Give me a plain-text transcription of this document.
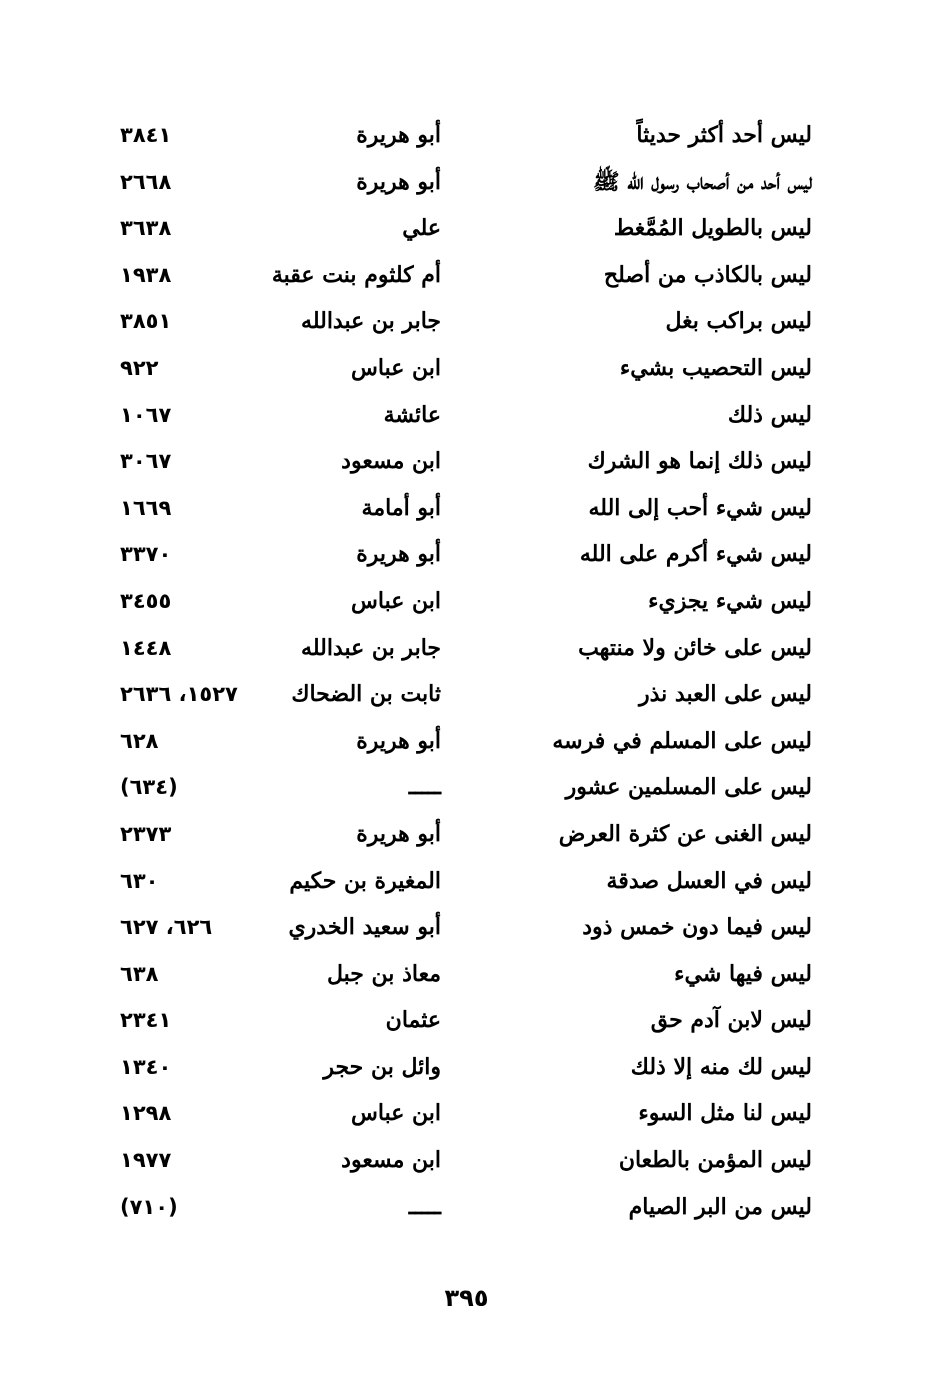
ليس أحد أكثر حديثاً
أبو هريرة
٣٨٤١
ليس أحد من أصحاب رسول الله ﷺ
أبو هريرة
٢٦٦٨
ليس بالطويل المُمَّغط
علي
٣٦٣٨
ليس بالكاذب من أصلح
أم كلثوم بنت عقبة
١٩٣٨
ليس براكب بغل
جابر بن عبدالله
٣٨٥١
ليس التحصيب بشيء
ابن عباس
٩٢٢
ليس ذلك
عائشة
١٠٦٧
ليس ذلك إنما هو الشرك
ابن مسعود
٣٠٦٧
ليس شيء أحب إلى الله
أبو أمامة
١٦٦٩
ليس شيء أكرم على الله
أبو هريرة
٣٣٧٠
ليس شيء يجزيء
ابن عباس
٣٤٥٥
ليس على خائن ولا منتهب
جابر بن عبدالله
١٤٤٨
ليس على العبد نذر
ثابت بن الضحاك
١٥٢٧، ٢٦٣٦
ليس على المسلم في فرسه
أبو هريرة
٦٢٨
ليس على المسلمين عشور
ـــــ
(٦٣٤)
ليس الغنى عن كثرة العرض
أبو هريرة
٢٣٧٣
ليس في العسل صدقة
المغيرة بن حكيم
٦٣٠
ليس فيما دون خمس ذود
أبو سعيد الخدري
٦٢٦، ٦٢٧
ليس فيها شيء
معاذ بن جبل
٦٣٨
ليس لابن آدم حق
عثمان
٢٣٤١
ليس لك منه إلا ذلك
وائل بن حجر
١٣٤٠
ليس لنا مثل السوء
ابن عباس
١٢٩٨
ليس المؤمن بالطعان
ابن مسعود
١٩٧٧
ليس من البر الصيام
ـــــ
(٧١٠)
٣٩٥
